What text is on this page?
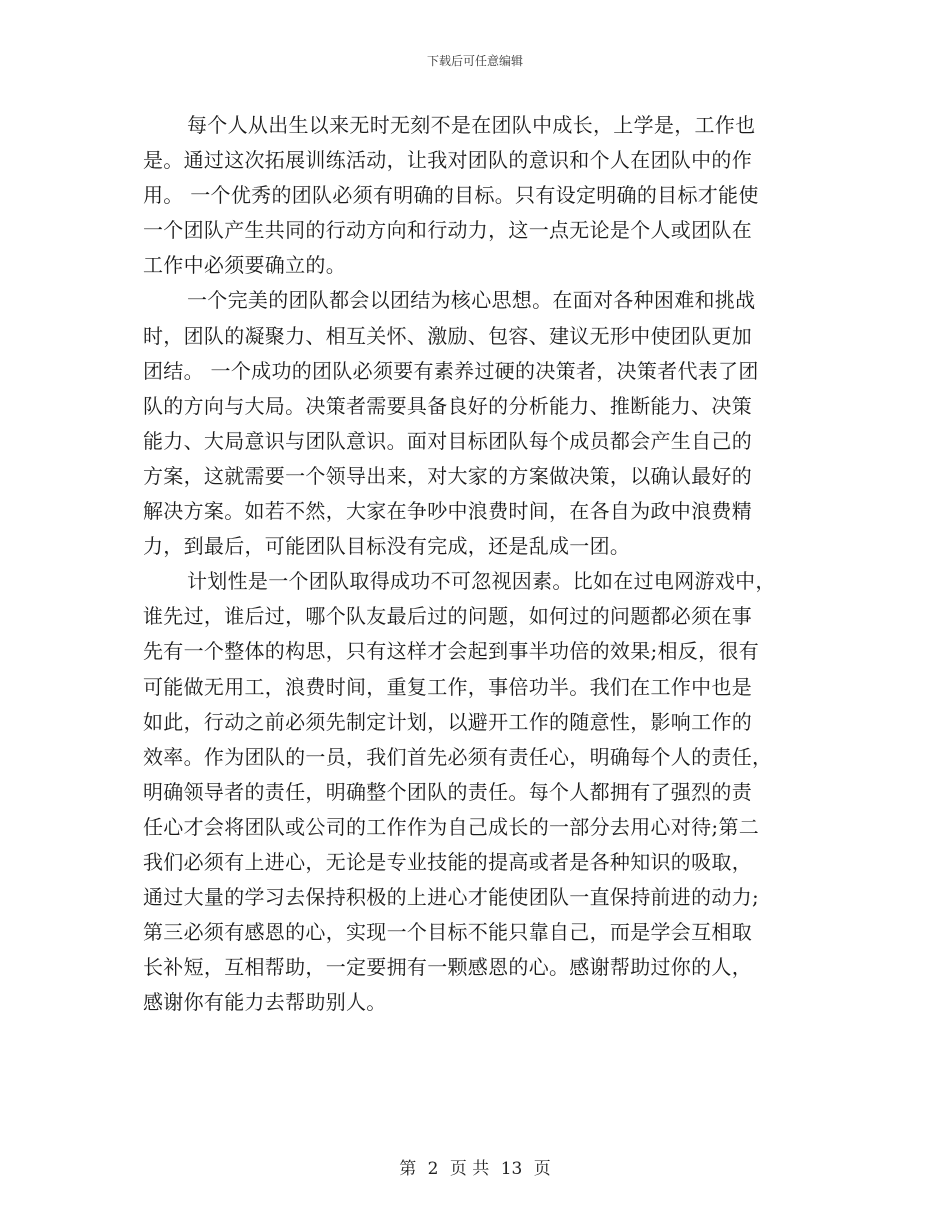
下载后可任意编辑
每个人从出生以来无时无刻不是在团队中成长，上学是，工作也
是。通过这次拓展训练活动，让我对团队的意识和个人在团队中的作
用。 一个优秀的团队必须有明确的目标。只有设定明确的目标才能使
一个团队产生共同的行动方向和行动力，这一点无论是个人或团队在
工作中必须要确立的。
一个完美的团队都会以团结为核心思想。在面对各种困难和挑战
时，团队的凝聚力、相互关怀、激励、包容、建议无形中使团队更加
团结。 一个成功的团队必须要有素养过硬的决策者，决策者代表了团
队的方向与大局。决策者需要具备良好的分析能力、推断能力、决策
能力、大局意识与团队意识。面对目标团队每个成员都会产生自己的
方案，这就需要一个领导出来，对大家的方案做决策，以确认最好的
解决方案。如若不然，大家在争吵中浪费时间，在各自为政中浪费精
力，到最后，可能团队目标没有完成，还是乱成一团。
计划性是一个团队取得成功不可忽视因素。比如在过电网游戏中，
谁先过，谁后过，哪个队友最后过的问题，如何过的问题都必须在事
先有一个整体的构思，只有这样才会起到事半功倍的效果;相反，很有
可能做无用工，浪费时间，重复工作，事倍功半。我们在工作中也是
如此，行动之前必须先制定计划，以避开工作的随意性，影响工作的
效率。作为团队的一员，我们首先必须有责任心，明确每个人的责任，
明确领导者的责任，明确整个团队的责任。每个人都拥有了强烈的责
任心才会将团队或公司的工作作为自己成长的一部分去用心对待;第二
我们必须有上进心，无论是专业技能的提高或者是各种知识的吸取，
通过大量的学习去保持积极的上进心才能使团队一直保持前进的动力;
第三必须有感恩的心，实现一个目标不能只靠自己，而是学会互相取
长补短，互相帮助，一定要拥有一颗感恩的心。感谢帮助过你的人，
感谢你有能力去帮助别人。
第 2 页 共 13 页
